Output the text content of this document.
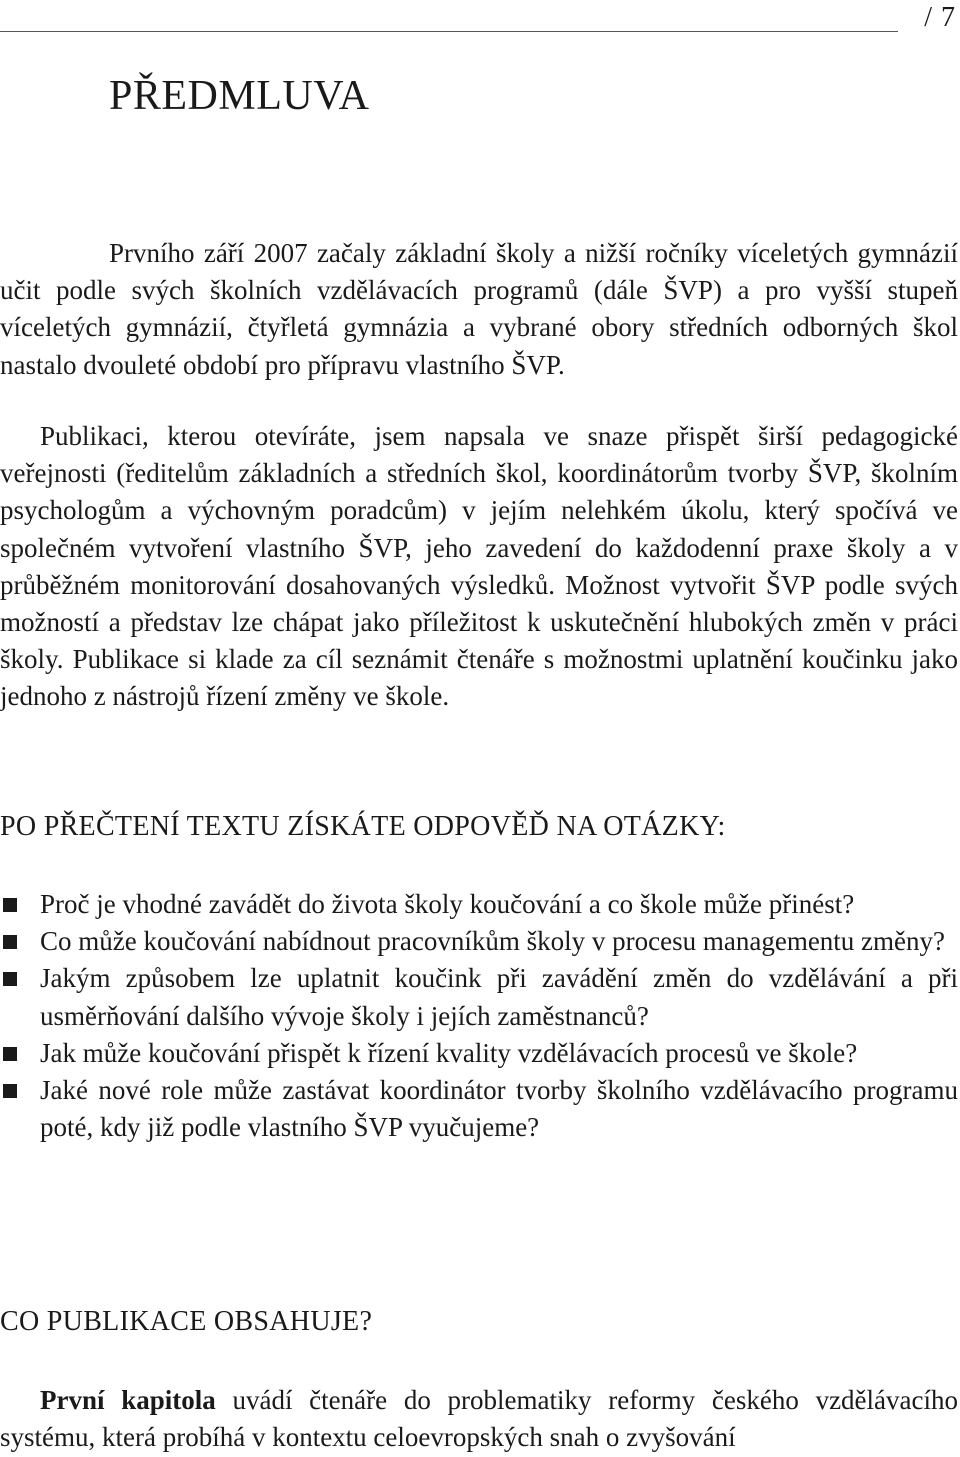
/ 7
PŘEDMLUVA

Prvního září 2007 začaly základní školy a nižší ročníky víceletých gymnázií učit podle svých školních vzdělávacích programů (dále ŠVP) a pro vyšší stupeň víceletých gymnázií, čtyřletá gymnázia a vybrané obory středních odborných škol nastalo dvouleté období pro přípravu vlastního ŠVP.

Publikaci, kterou otevíráte, jsem napsala ve snaze přispět širší pedagogické veřejnosti (ředitelům základních a středních škol, koordinátorům tvorby ŠVP, školním psychologům a výchovným poradcům) v jejím nelehkém úkolu, který spočívá ve společném vytvoření vlastního ŠVP, jeho zavedení do každodenní praxe školy a v průběžném monitorování dosahovaných výsledků. Možnost vytvořit ŠVP podle svých možností a představ lze chápat jako příležitost k uskutečnění hlubokých změn v práci školy. Publikace si klade za cíl seznámit čtenáře s možnostmi uplatnění koučinku jako jednoho z nástrojů řízení změny ve škole.

PO PŘEČTENÍ TEXTU ZÍSKÁTE ODPOVĚĎ NA OTÁZKY:
Proč je vhodné zavádět do života školy koučování a co škole může přinést?
Co může koučování nabídnout pracovníkům školy v procesu managementu změny?
Jakým způsobem lze uplatnit koučink při zavádění změn do vzdělávání a při usměrňování dalšího vývoje školy i jejích zaměstnanců?
Jak může koučování přispět k řízení kvality vzdělávacích procesů ve škole?
Jaké nové role může zastávat koordinátor tvorby školního vzdělávacího programu poté, kdy již podle vlastního ŠVP vyučujeme?
CO PUBLIKACE OBSAHUJE?

První kapitola uvádí čtenáře do problematiky reformy českého vzdělávacího systému, která probíhá v kontextu celoevropských snah o zvyšování
